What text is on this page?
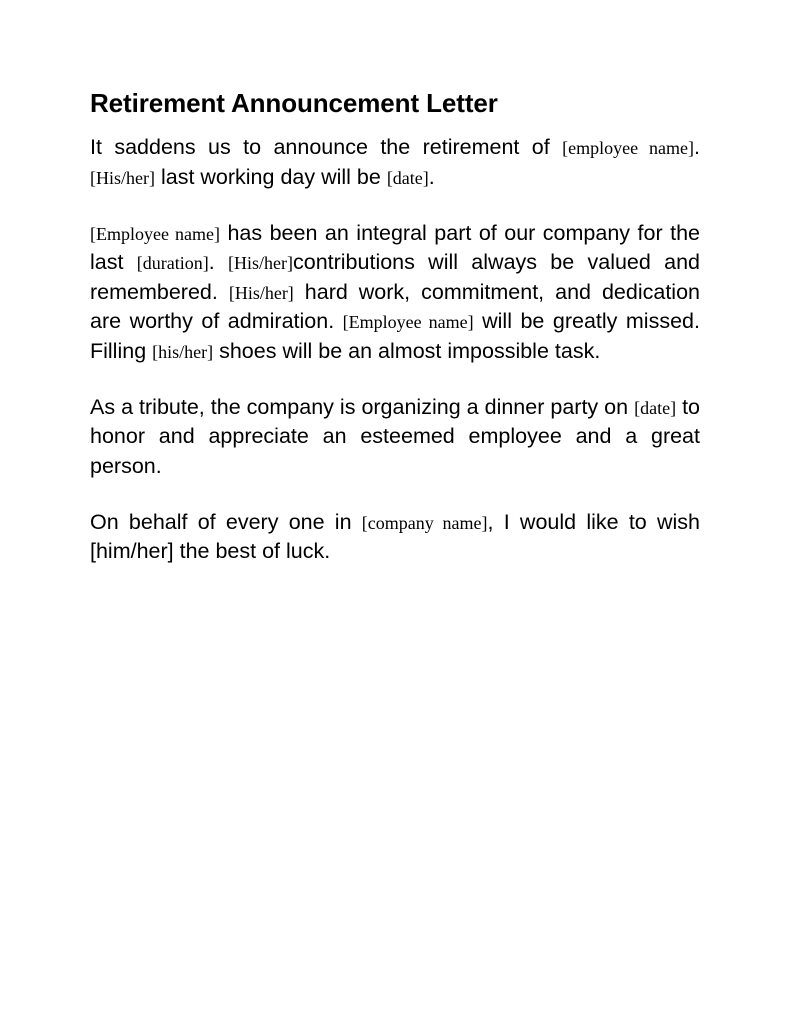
Retirement Announcement Letter

It saddens us to announce the retirement of [employee name]. [His/her] last working day will be [date].

[Employee name] has been an integral part of our company for the last [duration]. [His/her]contributions will always be valued and remembered. [His/her] hard work, commitment, and dedication are worthy of admiration. [Employee name] will be greatly missed. Filling [his/her] shoes will be an almost impossible task.

As a tribute, the company is organizing a dinner party on [date] to honor and appreciate an esteemed employee and a great person.

On behalf of every one in [company name], I would like to wish [him/her] the best of luck.
